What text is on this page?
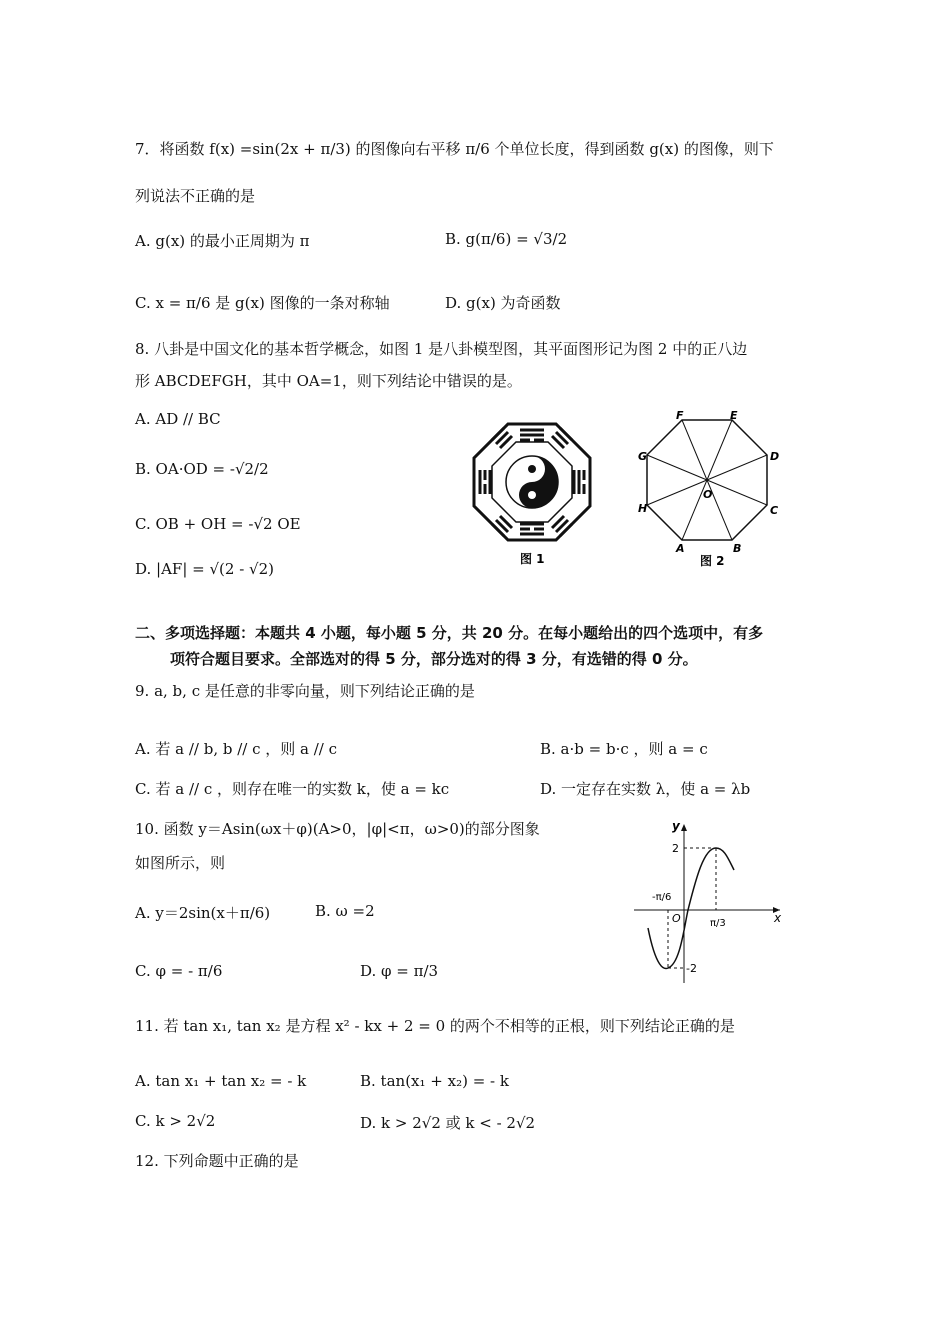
7．将函数 f(x) =sin(2x + π/3) 的图像向右平移 π/6 个单位长度，得到函数 g(x) 的图像，则下
列说法不正确的是
A. g(x) 的最小正周期为 π	B. g(π/6) = √3/2
C. x = π/6 是 g(x) 图像的一条对称轴	D. g(x) 为奇函数
8. 八卦是中国文化的基本哲学概念，如图 1 是八卦模型图，其平面图形记为图 2 中的正八边
形 ABCDEFGH，其中 OA=1，则下列结论中错误的是。
A. AD // BC
B. OA·OD = -√2/2
C. OB + OH = -√2 OE
D. |AF| = √(2 - √2)
图 1
A	B
C
D
E
F
G
H
O
图 2
二、多项选择题：本题共 4 小题，每小题 5 分，共 20 分。在每小题给出的四个选项中，有多
项符合题目要求。全部选对的得 5 分，部分选对的得 3 分，有选错的得 0 分。
9. a, b, c 是任意的非零向量，则下列结论正确的是
A. 若 a // b, b // c ，则 a // c	B. a·b = b·c ，则 a = c
C. 若 a // c ，则存在唯一的实数 k，使 a = kc	D. 一定存在实数 λ，使 a = λb
10. 函数 y＝Asin(ωx＋φ)(A>0，|φ|<π，ω>0)的部分图象
如图所示，则
A. y＝2sin(x＋π/6)	B. ω =2
C. φ = - π/6	D. φ = π/3
y
x
O
2
-2
-π/6
π/3
11. 若 tan x₁, tan x₂ 是方程 x² - kx + 2 = 0 的两个不相等的正根，则下列结论正确的是
A. tan x₁ + tan x₂ = - k	B. tan(x₁ + x₂) = - k
C. k > 2√2	D. k > 2√2 或 k < - 2√2
12. 下列命题中正确的是
